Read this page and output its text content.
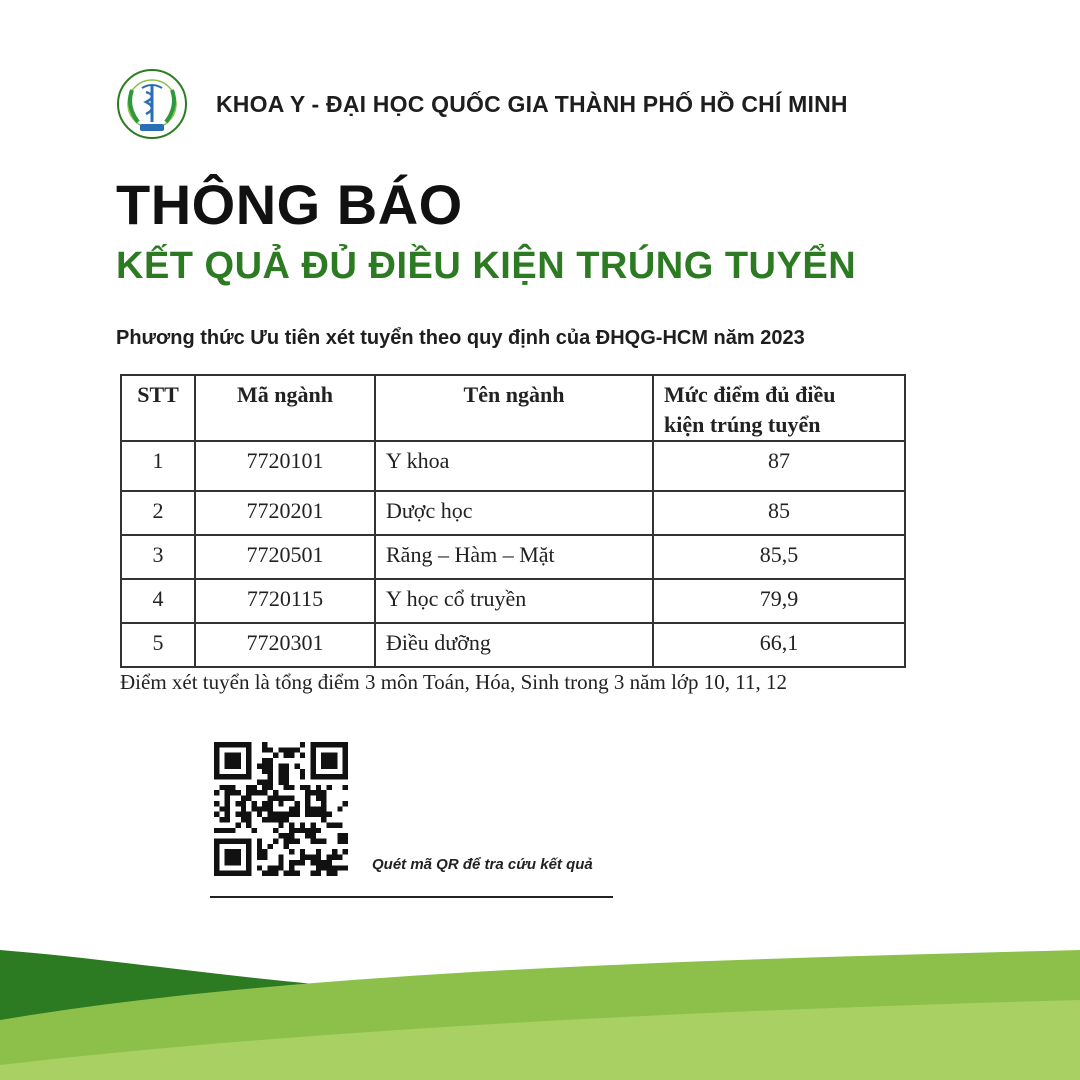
KHOA Y - ĐẠI HỌC QUỐC GIA THÀNH PHỐ HỒ CHÍ MINH
THÔNG BÁO
KẾT QUẢ ĐỦ ĐIỀU KIỆN TRÚNG TUYỂN
Phương thức Ưu tiên xét tuyển theo quy định của ĐHQG-HCM năm 2023
STT	Mã ngành	Tên ngành	Mức điểm đủ điều
kiện trúng tuyển
1	7720101	Y khoa	87
2	7720201	Dược học	85
3	7720501	Răng – Hàm – Mặt	85,5
4	7720115	Y học cổ truyền	79,9
5	7720301	Điều dưỡng	66,1
Điểm xét tuyển là tổng điểm 3 môn Toán, Hóa, Sinh trong 3 năm lớp 10, 11, 12
Quét mã QR để tra cứu kết quả
